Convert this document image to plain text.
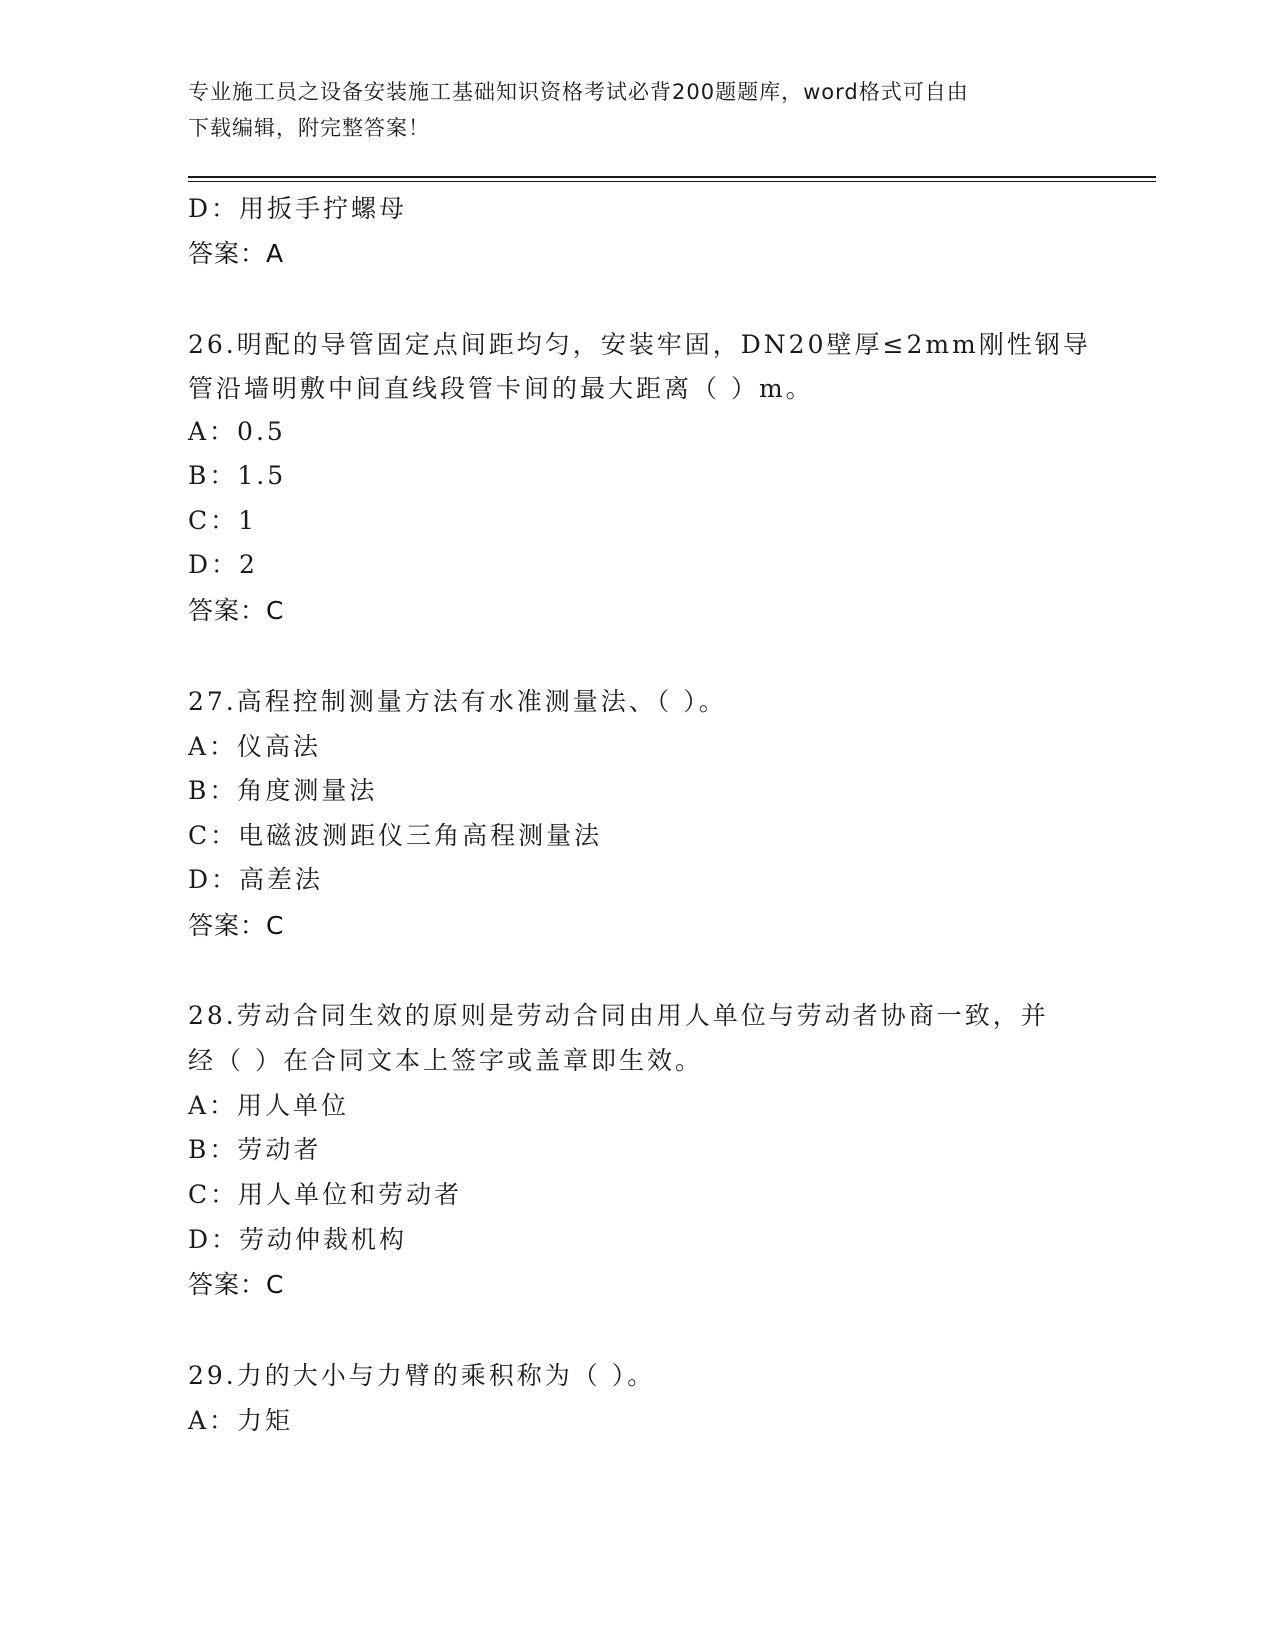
专业施工员之设备安装施工基础知识资格考试必背200题题库，word格式可自由
下载编辑，附完整答案！
D：用扳手拧螺母
答案：A
26.明配的导管固定点间距均匀，安装牢固，DN20壁厚≤2mm刚性钢导
管沿墙明敷中间直线段管卡间的最大距离（ ）m。
A：0.5
B：1.5
C：1
D：2
答案：C
27.高程控制测量方法有水准测量法、（ ）。
A：仪高法
B：角度测量法
C：电磁波测距仪三角高程测量法
D：高差法
答案：C
28.劳动合同生效的原则是劳动合同由用人单位与劳动者协商一致，并
经（ ）在合同文本上签字或盖章即生效。
A：用人单位
B：劳动者
C：用人单位和劳动者
D：劳动仲裁机构
答案：C
29.力的大小与力臂的乘积称为（ ）。
A：力矩
